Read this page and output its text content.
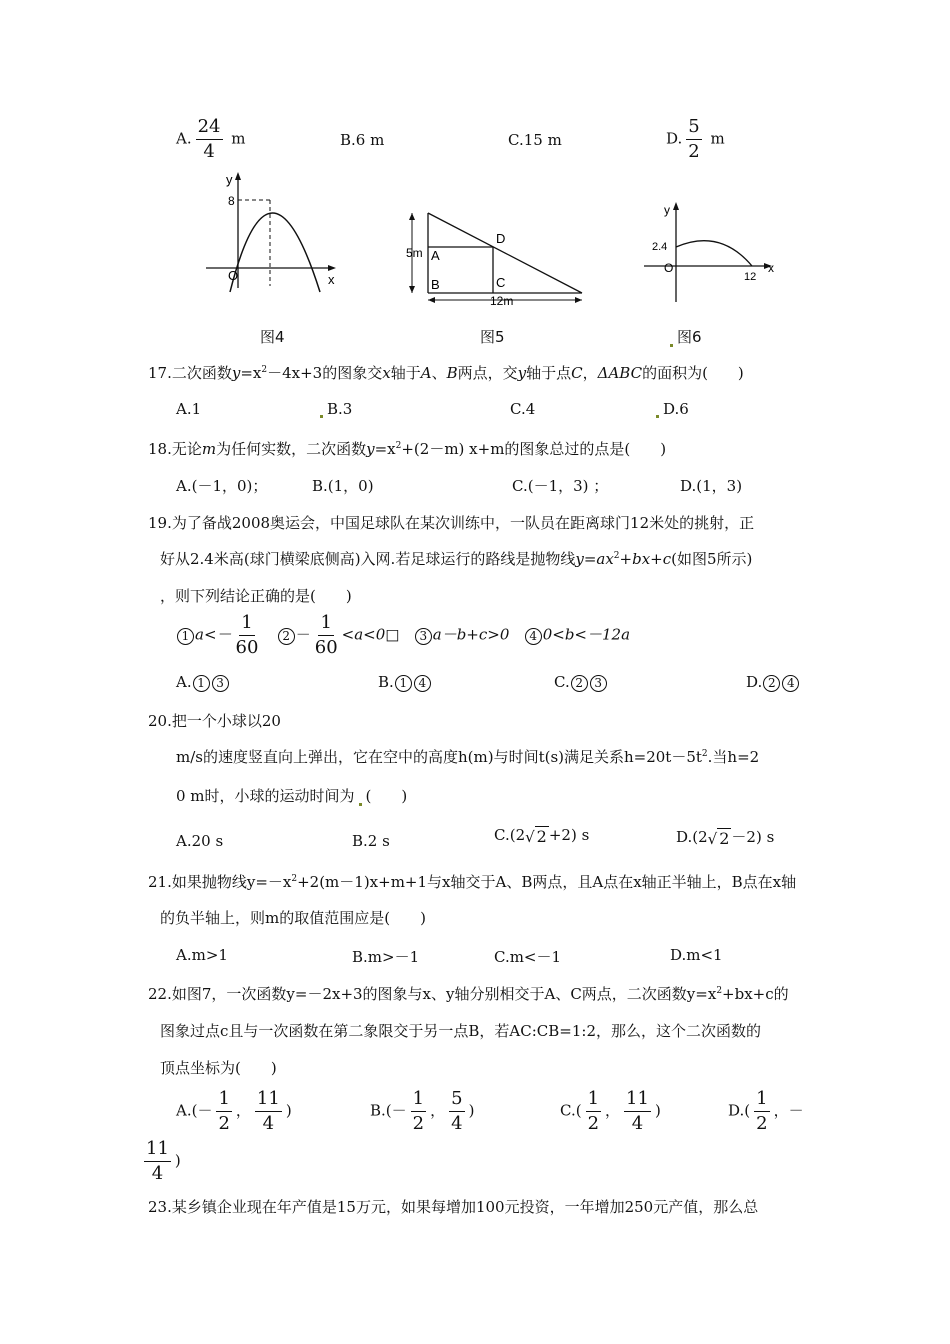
A. $\frac{24}{4}$ m	B.6 m	C.15 m	D. $\frac{5}{2}$ m
y
x
O
8
图4
5m A
B	C
D
12m
图5
y
x
O
2.4
12
图6
17.二次函数$y=x^2-4x+3$的图象交x轴于A、B两点，交y轴于点C，ΔABC的面积为(　　)
A.1	B.3	C.4	D.6
18.无论m为任何实数，二次函数$y=x^2+(2-m)$ x+m的图象总过的点是(　　)
A.(－1，0)；	B.(1，0)	C.(－1，3) ；	D.(1，3)
19.为了备战2008奥运会，中国足球队在某次训练中，一队员在距离球门12米处的挑射，正
好从2.4米高(球门横梁底侧高)入网.若足球运行的路线是抛物线$y=ax^2+bx+c$(如图5所示)
，则下列结论正确的是(　　)
1 $a<- \frac{1}{60} 2 - \frac{1}{60}$ <a<0□ 3 a－b+c>0 4 0<b<－12a
A. 1 3	B. 1 4	C. 2 3	D. 2 4
20.把一个小球以20
m/s的速度竖直向上弹出，它在空中的高度h(m)与时间t(s)满足关系$h=20t-5t^2$.当h=2
0 m时，小球的运动时间为 (　　)
A.20 s	B.2 s	C.(2√ 2 +2) s	D.(2√ 2 －2) s
21.如果抛物线$y=-x^2+2(m-1)x+m+1$与x轴交于A、B两点，且A点在x轴正半轴上，B点在x轴
的负半轴上，则m的取值范围应是(　　)
A.m>1	B.m>－1	C.m<－1	D.m<1
22.如图7，一次函数y=－2x+3的图象与x、y轴分别相交于A、C两点，二次函数$y=x^2+bx+c$的
图象过点c且与一次函数在第二象限交于另一点B，若AC:CB=1:2，那么，这个二次函数的
顶点坐标为(　　)
$A.(- \frac{1}{2}$ ， $\frac{11}{4}$ )	$B.(- \frac{1}{2}$ ， $\frac{5}{4}$ )	$C.( \frac{1}{2}$ ， $\frac{11}{4}$ )	$D.( \frac{1}{2}$ ，－
$\frac{11}{4}$ )
23.某乡镇企业现在年产值是15万元，如果每增加100元投资，一年增加250元产值，那么总
